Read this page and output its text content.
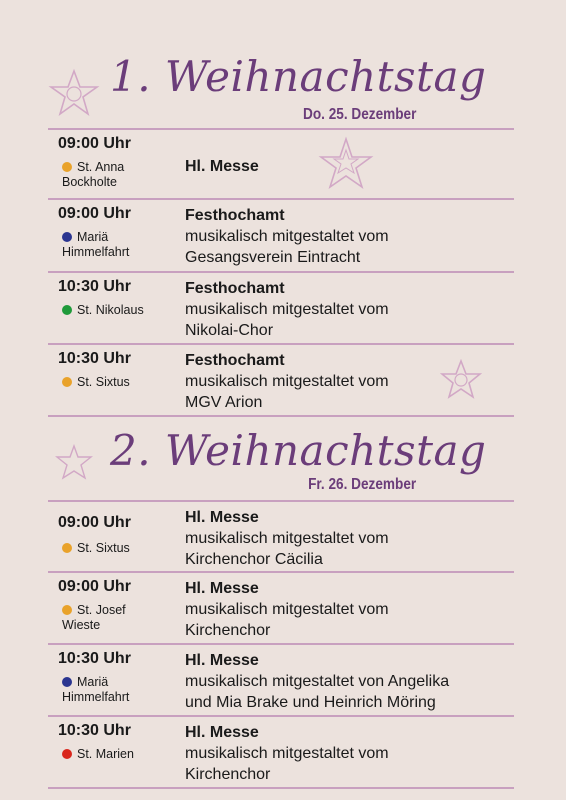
1. Weihnachtstag
Do. 25. Dezember
09:00 Uhr
St. Anna
Bockholte
Hl. Messe
09:00 Uhr
Mariä
Himmelfahrt
Festhochamt
musikalisch mitgestaltet vom
Gesangsverein Eintracht
10:30 Uhr
St. Nikolaus
Festhochamt
musikalisch mitgestaltet vom
Nikolai-Chor
10:30 Uhr
St. Sixtus
Festhochamt
musikalisch mitgestaltet vom
MGV Arion
2. Weihnachtstag
Fr. 26. Dezember
09:00 Uhr
St. Sixtus
Hl. Messe
musikalisch mitgestaltet vom
Kirchenchor Cäcilia
09:00 Uhr
St. Josef
Wieste
Hl. Messe
musikalisch mitgestaltet vom
Kirchenchor
10:30 Uhr
Mariä
Himmelfahrt
Hl. Messe
musikalisch mitgestaltet von Angelika
und Mia Brake und Heinrich Möring
10:30 Uhr
St. Marien
Hl. Messe
musikalisch mitgestaltet vom
Kirchenchor
